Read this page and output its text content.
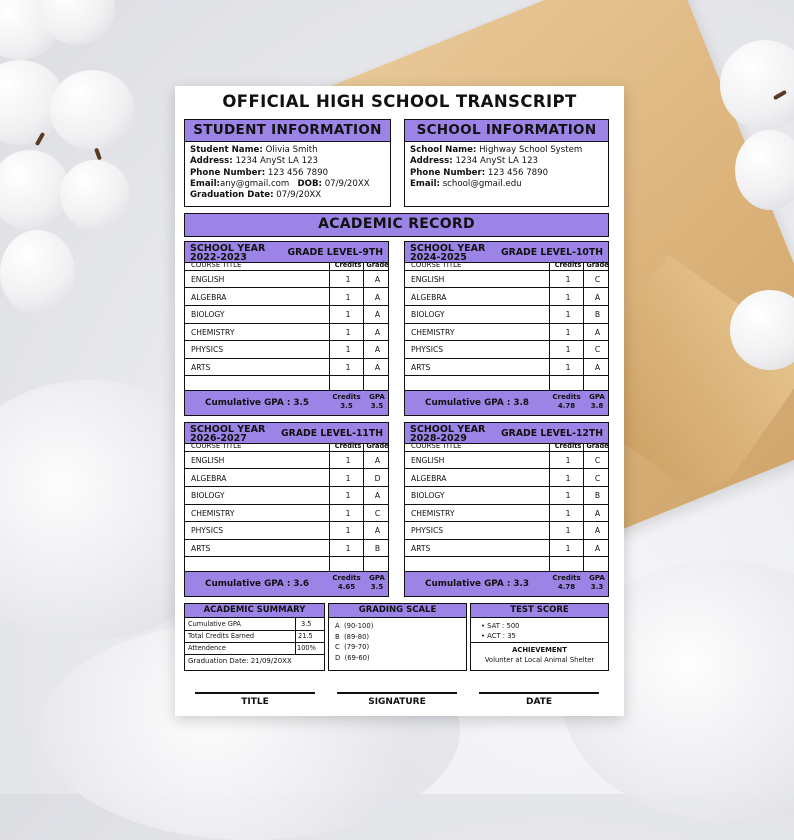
OFFICIAL HIGH SCHOOL TRANSCRIPT
STUDENT INFORMATION
Student Name: Olivia Smith
Address: 1234 AnySt LA 123
Phone Number: 123 456 7890
Email:any@gmail.com DOB: 07/9/20XX
Graduation Date: 07/9/20XX
SCHOOL INFORMATION
School Name: Highway School System
Address: 1234 AnySt LA 123
Phone Number: 123 456 7890
Email: school@gmail.edu
ACADEMIC RECORD
SCHOOL YEAR
2022-2023	GRADE LEVEL-9TH
COURSE TITLE	Credits Grade
ENGLISH	1	A
ALGEBRA	1	A
BIOLOGY	1	A
CHEMISTRY	1	A
PHYSICS	1	A
ARTS	1	A
Cumulative GPA : 3.5
Credits
3.5
GPA
3.5
SCHOOL YEAR
2024-2025	GRADE LEVEL-10TH
COURSE TITLE	Credits Grade
ENGLISH	1	C
ALGEBRA	1	A
BIOLOGY	1	B
CHEMISTRY	1	A
PHYSICS	1	C
ARTS	1	A
Cumulative GPA : 3.8
Credits
4.78
GPA
3.8
SCHOOL YEAR
2026-2027	GRADE LEVEL-11TH
COURSE TITLE	Credits Grade
ENGLISH	1	A
ALGEBRA	1	D
BIOLOGY	1	A
CHEMISTRY	1	C
PHYSICS	1	A
ARTS	1	B
Cumulative GPA : 3.6
Credits
4.65
GPA
3.5
SCHOOL YEAR
2028-2029	GRADE LEVEL-12TH
COURSE TITLE	Credits Grade
ENGLISH	1	C
ALGEBRA	1	C
BIOLOGY	1	B
CHEMISTRY	1	A
PHYSICS	1	A
ARTS	1	A
Cumulative GPA : 3.3
Credits
4.78
GPA
3.3
ACADEMIC SUMMARY
Cumulative GPA	3.5
Total Credits Earned	21.5
Attendence	100%
Graduation Date: 21/09/20XX
GRADING SCALE
A (90-100)
B (89-80)
C (79-70)
D (69-60)
TEST SCORE
• SAT : 500
• ACT : 35
ACHIEVEMENT
Volunter at Local Animal Shelter
TITLE	SIGNATURE	DATE
